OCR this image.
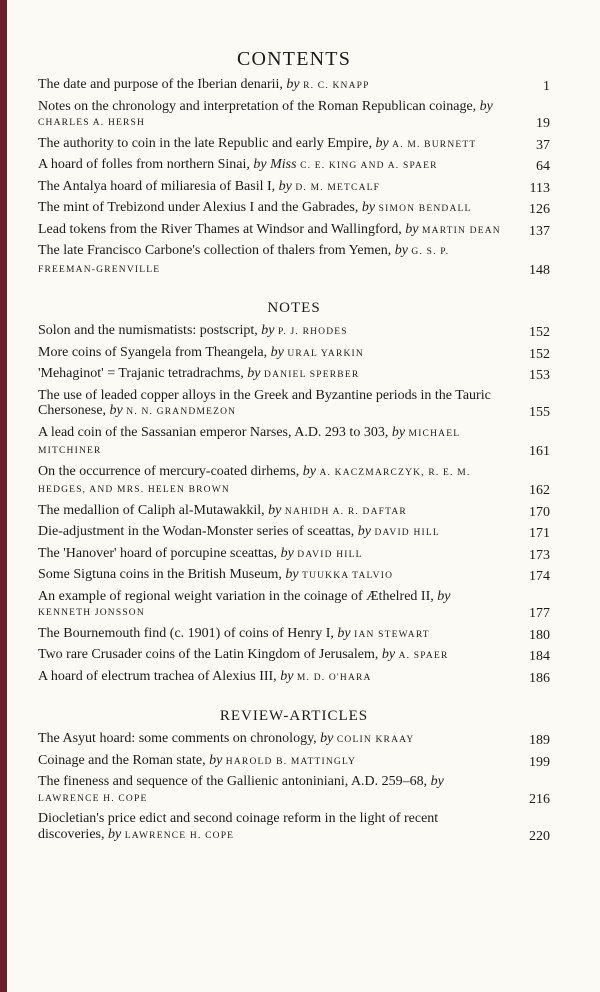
CONTENTS
The date and purpose of the Iberian denarii, by R. C. KNAPP	1
Notes on the chronology and interpretation of the Roman Republican coinage, by CHARLES A. HERSH	19
The authority to coin in the late Republic and early Empire, by A. M. BURNETT	37
A hoard of folles from northern Sinai, by Miss C. E. KING AND A. SPAER	64
The Antalya hoard of miliaresia of Basil I, by D. M. METCALF	113
The mint of Trebizond under Alexius I and the Gabrades, by SIMON BENDALL	126
Lead tokens from the River Thames at Windsor and Wallingford, by MARTIN DEAN 137
The late Francisco Carbone's collection of thalers from Yemen, by G. S. P. FREEMAN-GRENVILLE	148
NOTES
Solon and the numismatists: postscript, by P. J. RHODES	152
More coins of Syangela from Theangela, by URAL YARKIN	152
'Mehaginot' = Trajanic tetradrachms, by DANIEL SPERBER	153
The use of leaded copper alloys in the Greek and Byzantine periods in the Tauric Chersonese, by N. N. GRANDMEZON	155
A lead coin of the Sassanian emperor Narses, A.D. 293 to 303, by MICHAEL MITCHINER	161
On the occurrence of mercury-coated dirhems, by A. KACZMARCZYK, R. E. M. HEDGES, AND MRS. HELEN BROWN	162
The medallion of Caliph al-Mutawakkil, by NAHIDH A. R. DAFTAR	170
Die-adjustment in the Wodan-Monster series of sceattas, by DAVID HILL	171
The 'Hanover' hoard of porcupine sceattas, by DAVID HILL	173
Some Sigtuna coins in the British Museum, by TUUKKA TALVIO	174
An example of regional weight variation in the coinage of Æthelred II, by KENNETH JONSSON	177
The Bournemouth find (c. 1901) of coins of Henry I, by IAN STEWART	180
Two rare Crusader coins of the Latin Kingdom of Jerusalem, by A. SPAER	184
A hoard of electrum trachea of Alexius III, by M. D. O'HARA	186
REVIEW-ARTICLES
The Asyut hoard: some comments on chronology, by COLIN KRAAY	189
Coinage and the Roman state, by HAROLD B. MATTINGLY	199
The fineness and sequence of the Gallienic antoniniani, A.D. 259–68, by LAWRENCE H. COPE	216
Diocletian's price edict and second coinage reform in the light of recent discoveries, by LAWRENCE H. COPE	220
